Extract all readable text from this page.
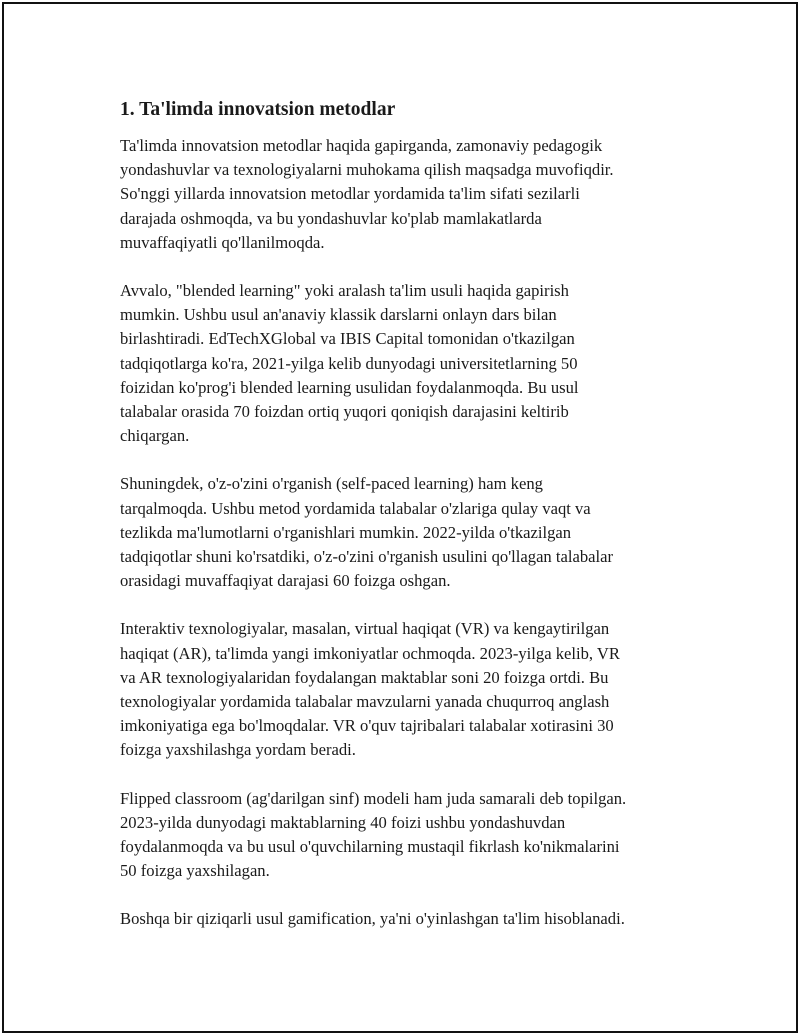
1. Ta'limda innovatsion metodlar

Ta'limda innovatsion metodlar haqida gapirganda, zamonaviy pedagogik
yondashuvlar va texnologiyalarni muhokama qilish maqsadga muvofiqdir.
So'nggi yillarda innovatsion metodlar yordamida ta'lim sifati sezilarli
darajada oshmoqda, va bu yondashuvlar ko'plab mamlakatlarda
muvaffaqiyatli qo'llanilmoqda.

Avvalo, "blended learning" yoki aralash ta'lim usuli haqida gapirish
mumkin. Ushbu usul an'anaviy klassik darslarni onlayn dars bilan
birlashtiradi. EdTechXGlobal va IBIS Capital tomonidan o'tkazilgan
tadqiqotlarga ko'ra, 2021-yilga kelib dunyodagi universitetlarning 50
foizidan ko'prog'i blended learning usulidan foydalanmoqda. Bu usul
talabalar orasida 70 foizdan ortiq yuqori qoniqish darajasini keltirib
chiqargan.

Shuningdek, o'z-o'zini o'rganish (self-paced learning) ham keng
tarqalmoqda. Ushbu metod yordamida talabalar o'zlariga qulay vaqt va
tezlikda ma'lumotlarni o'rganishlari mumkin. 2022-yilda o'tkazilgan
tadqiqotlar shuni ko'rsatdiki, o'z-o'zini o'rganish usulini qo'llagan talabalar
orasidagi muvaffaqiyat darajasi 60 foizga oshgan.

Interaktiv texnologiyalar, masalan, virtual haqiqat (VR) va kengaytirilgan
haqiqat (AR), ta'limda yangi imkoniyatlar ochmoqda. 2023-yilga kelib, VR
va AR texnologiyalaridan foydalangan maktablar soni 20 foizga ortdi. Bu
texnologiyalar yordamida talabalar mavzularni yanada chuqurroq anglash
imkoniyatiga ega bo'lmoqdalar. VR o'quv tajribalari talabalar xotirasini 30
foizga yaxshilashga yordam beradi.

Flipped classroom (ag'darilgan sinf) modeli ham juda samarali deb topilgan.
2023-yilda dunyodagi maktablarning 40 foizi ushbu yondashuvdan
foydalanmoqda va bu usul o'quvchilarning mustaqil fikrlash ko'nikmalarini
50 foizga yaxshilagan.

Boshqa bir qiziqarli usul gamification, ya'ni o'yinlashgan ta'lim hisoblanadi.
